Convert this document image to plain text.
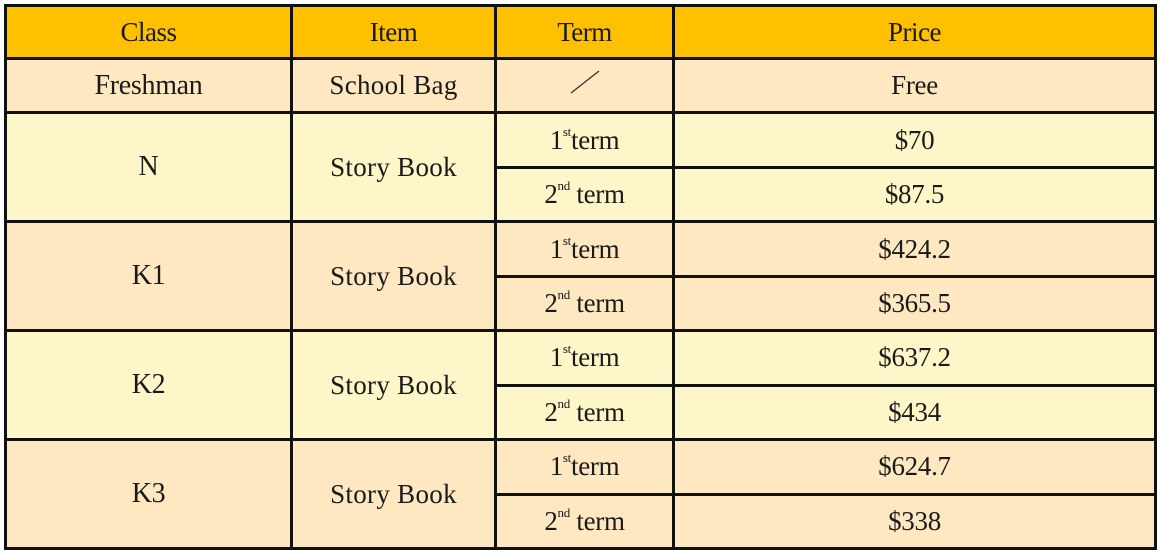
Class	Item	Term	Price
Freshman	School Bag		Free
N	Story Book	1stterm	$70
		2nd term	$87.5
K1	Story Book	1stterm	$424.2
		2nd term	$365.5
K2	Story Book	1stterm	$637.2
		2nd term	$434
K3	Story Book	1stterm	$624.7
		2nd term	$338
